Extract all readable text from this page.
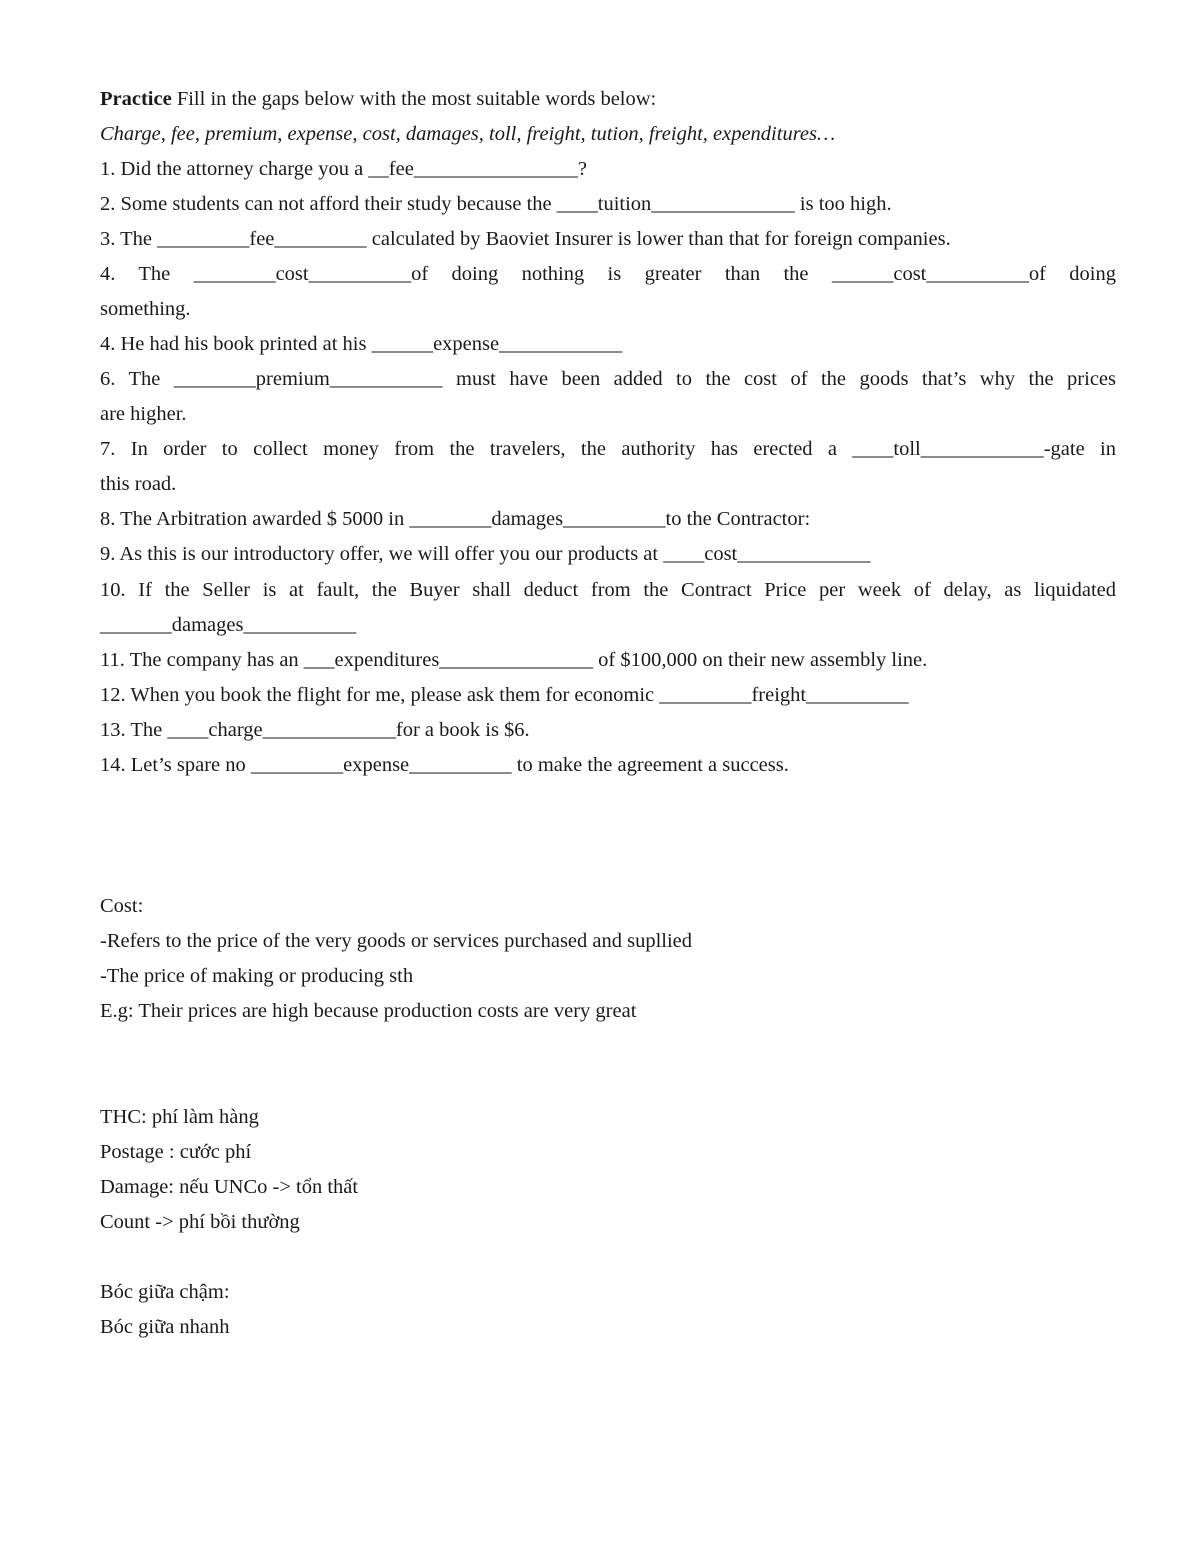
Practice Fill in the gaps below with the most suitable words below:
Charge, fee, premium, expense, cost, damages, toll, freight, tution, freight, expenditures…
1. Did the attorney charge you a __fee________________?
2. Some students can not afford their study because the ____tuition______________ is too high.
3. The _________fee_________ calculated by Baoviet Insurer is lower than that for foreign companies.
4. The ________cost__________of doing nothing is greater than the ______cost__________of doing
something.
4. He had his book printed at his ______expense____________
6. The ________premium___________ must have been added to the cost of the goods that’s why the prices
are higher.
7. In order to collect money from the travelers, the authority has erected a ____toll____________-gate in
this road.
8. The Arbitration awarded $ 5000 in ________damages__________to the Contractor:
9. As this is our introductory offer, we will offer you our products at ____cost_____________
10. If the Seller is at fault, the Buyer shall deduct from the Contract Price per week of delay, as liquidated
_______damages___________
11. The company has an ___expenditures_______________ of $100,000 on their new assembly line.
12. When you book the flight for me, please ask them for economic _________freight__________
13. The ____charge_____________for a book is $6.
14. Let’s spare no _________expense__________ to make the agreement a success.
Cost:
-Refers to the price of the very goods or services purchased and supllied
-The price of making or producing sth
E.g: Their prices are high because production costs are very great
THC: phí làm hàng
Postage : cước phí
Damage: nếu UNCo -> tổn thất
Count -> phí bồi thường
Bóc giữa chậm:
Bóc giữa nhanh
